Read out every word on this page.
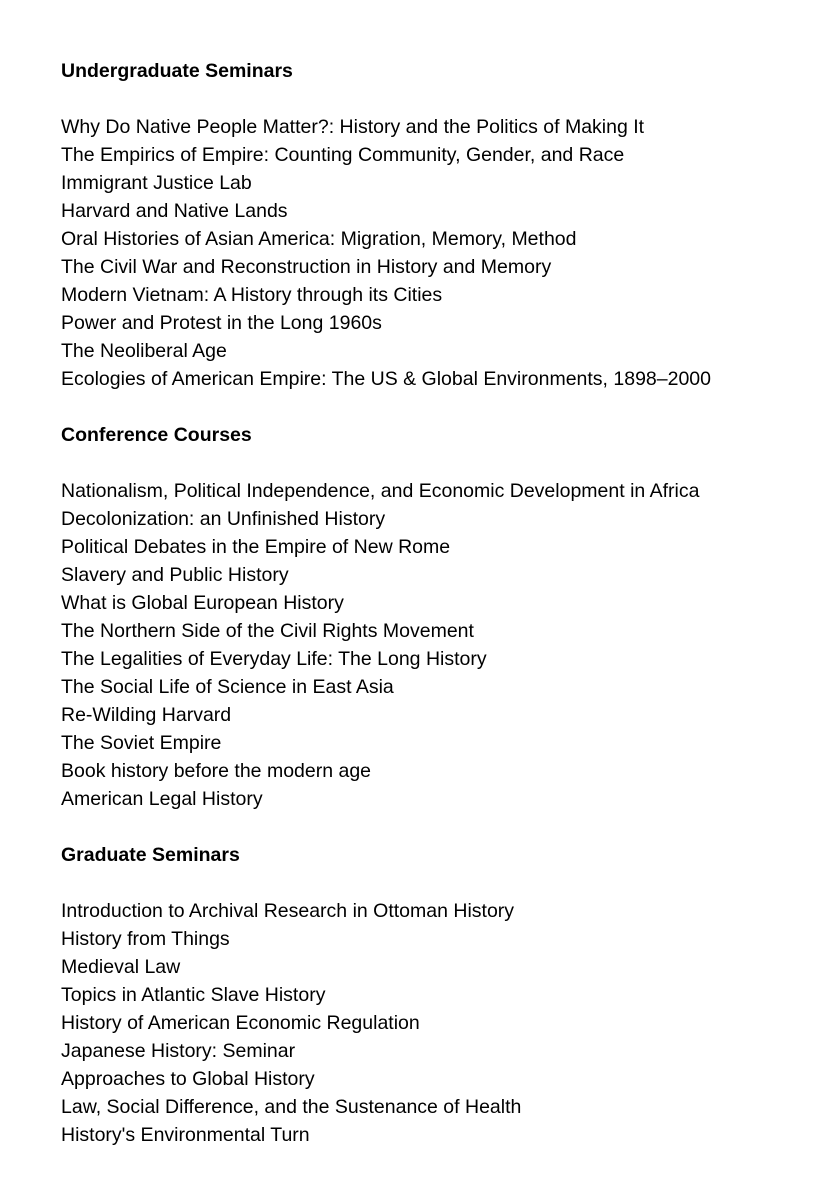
Undergraduate Seminars
Why Do Native People Matter?: History and the Politics of Making It
The Empirics of Empire: Counting Community, Gender, and Race
Immigrant Justice Lab
Harvard and Native Lands
Oral Histories of Asian America: Migration, Memory, Method
The Civil War and Reconstruction in History and Memory
Modern Vietnam: A History through its Cities
Power and Protest in the Long 1960s
The Neoliberal Age
Ecologies of American Empire: The US & Global Environments, 1898–2000
Conference Courses
Nationalism, Political Independence, and Economic Development in Africa
Decolonization: an Unfinished History
Political Debates in the Empire of New Rome
Slavery and Public History
What is Global European History
The Northern Side of the Civil Rights Movement
The Legalities of Everyday Life: The Long History
The Social Life of Science in East Asia
Re-Wilding Harvard
The Soviet Empire
Book history before the modern age
American Legal History
Graduate Seminars
Introduction to Archival Research in Ottoman History
History from Things
Medieval Law
Topics in Atlantic Slave History
History of American Economic Regulation
Japanese History: Seminar
Approaches to Global History
Law, Social Difference, and the Sustenance of Health
History's Environmental Turn
